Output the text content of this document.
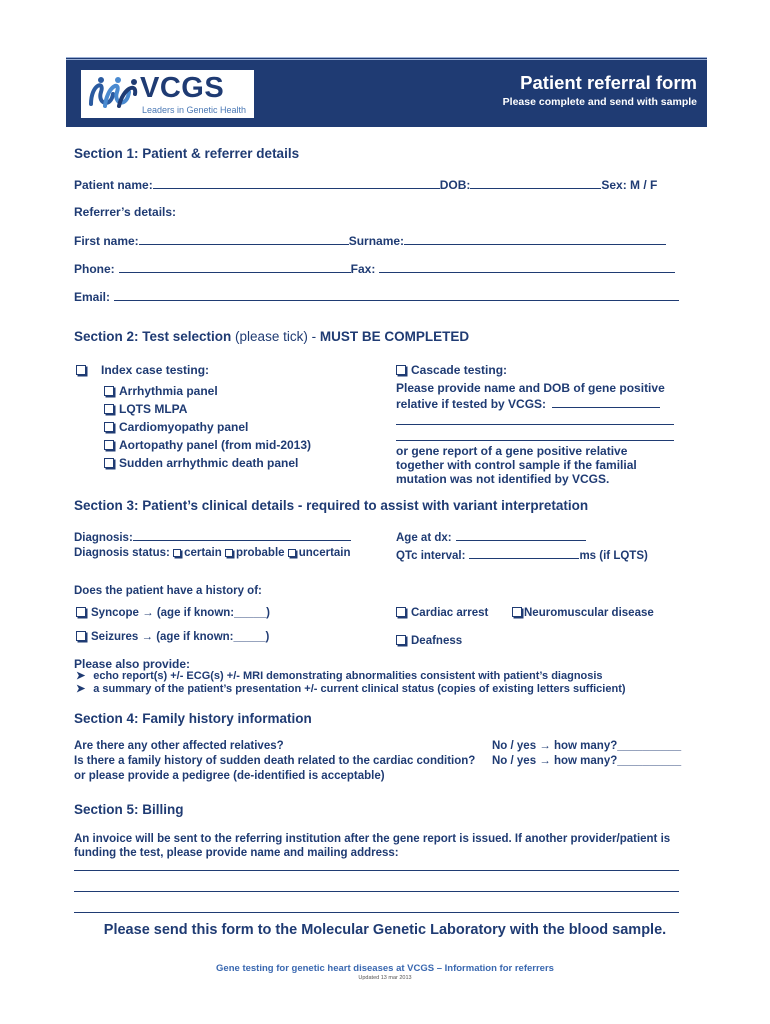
VCGS
Leaders in Genetic Health
Patient referral form
Please complete and send with sample
Section 1: Patient & referrer details
Patient name:	DOB:	Sex: M / F
Referrer’s details:
First name:	Surname:
Phone:	Fax:
Email:
Section 2: Test selection (please tick) - MUST BE COMPLETED
Index case testing:
Arrhythmia panel
LQTS MLPA
Cardiomyopathy panel
Aortopathy panel (from mid-2013)
Sudden arrhythmic death panel
Cascade testing:
Please provide name and DOB of gene positive
relative if tested by VCGS:
or gene report of a gene positive relative
together with control sample if the familial
mutation was not identified by VCGS.
Section 3: Patient’s clinical details - required to assist with variant interpretation
Diagnosis:	Age at dx:
Diagnosis status: certain probable uncertain	QTc interval:	ms (if LQTS)
Does the patient have a history of:
Syncope → (age if known:_____)	Cardiac arrest	Neuromuscular disease
Seizures → (age if known:_____)	Deafness
Please also provide:
➤ echo report(s) +/- ECG(s) +/- MRI demonstrating abnormalities consistent with patient’s diagnosis
➤ a summary of the patient’s presentation +/- current clinical status (copies of existing letters sufficient)
Section 4: Family history information
Are there any other affected relatives?	No / yes → how many?__________
Is there a family history of sudden death related to the cardiac condition? No / yes → how many?__________
or please provide a pedigree (de-identified is acceptable)
Section 5: Billing
An invoice will be sent to the referring institution after the gene report is issued. If another provider/patient is funding the test, please provide name and mailing address:
Please send this form to the Molecular Genetic Laboratory with the blood sample.
Gene testing for genetic heart diseases at VCGS – Information for referrers
Updated 13 mar 2013
